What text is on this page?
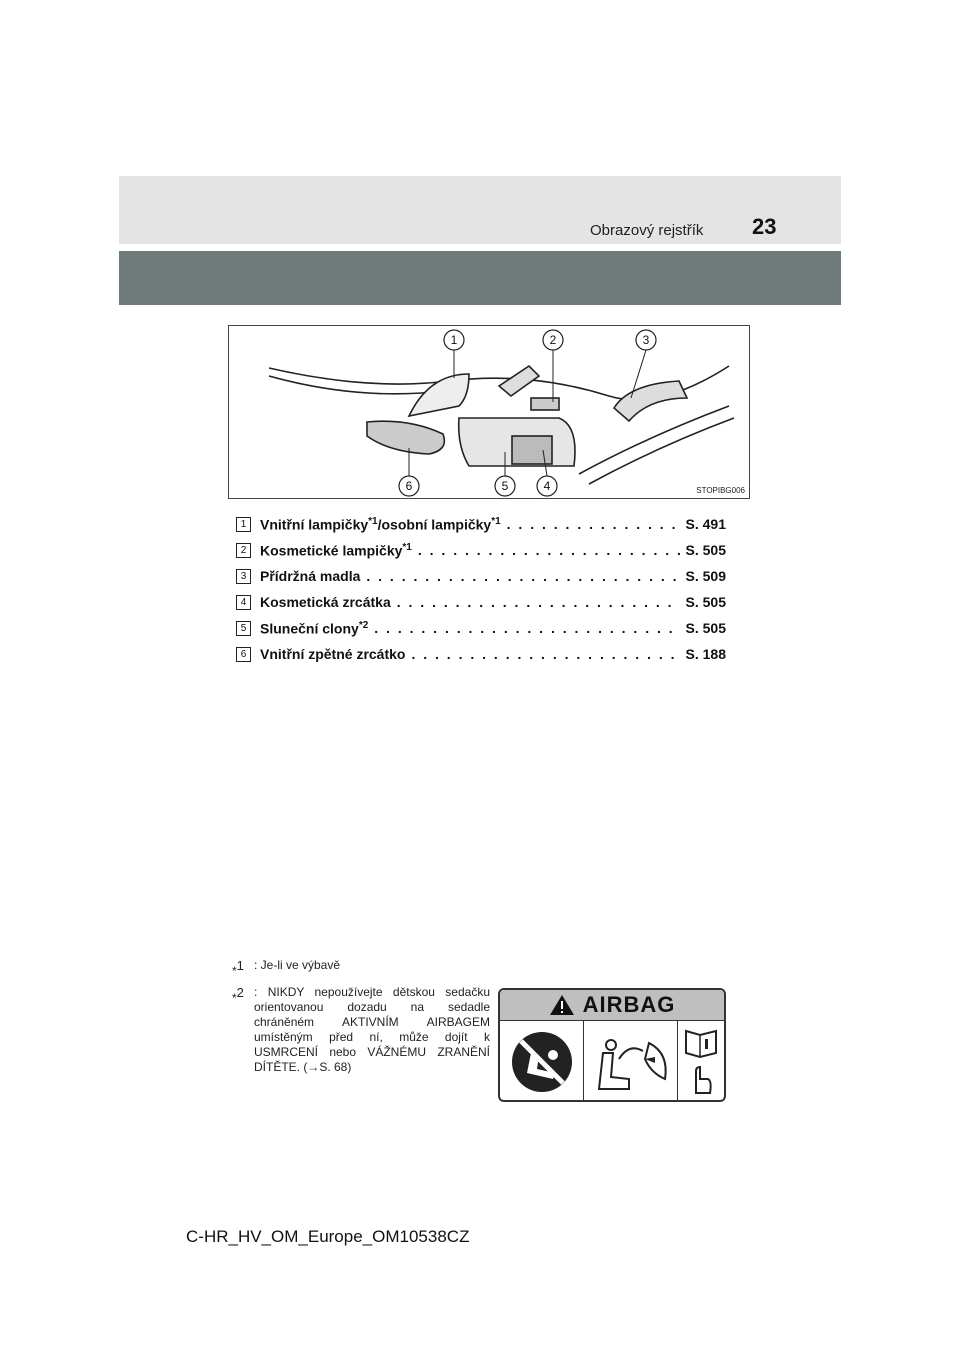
Obrazový rejstřík 23
1	2	3
4
5
6	STOPIBG006
1 Vnitřní lampičky$^{*1}$/osobní lampičky$^{*1}$ . . .	S. 491
2 Kosmetické lampičky$^{*1}$ . . .	S. 505
3 Přídržná madla . . .	S. 509
4 Kosmetická zrcátka . . .	S. 505
5 Sluneční clony$^{*2}$ . . .	S. 505
6 Vnitřní zpětné zrcátko . . .	S. 188
*$^1$ : Je-li ve výbavě
*$^2$ : NIKDY nepoužívejte dětskou sedačku orientovanou dozadu na sedadle chráněném AKTIVNÍM AIRBAGEM umístěným před ní, může dojít k USMRCENÍ nebo VÁŽNÉMU ZRANĚNÍ DÍTĚTE. (→S. 68)
AIRBAG
C-HR_HV_OM_Europe_OM10538CZ
